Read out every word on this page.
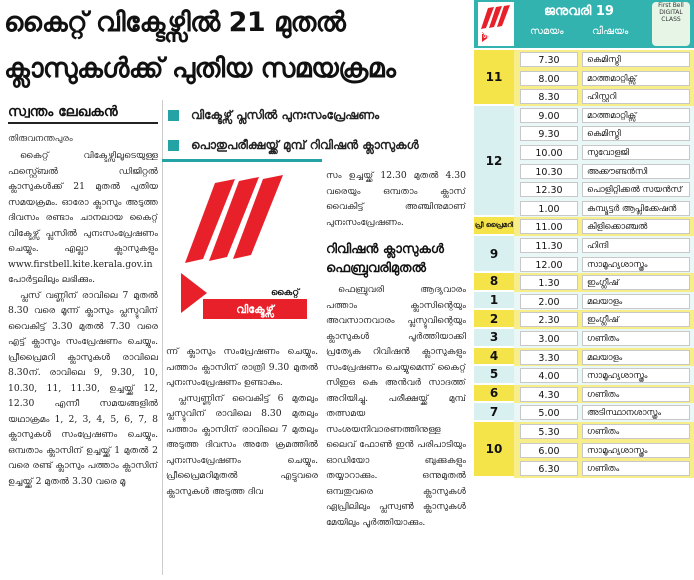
കൈറ്റ് വിക്ടേഴ്സിൽ 21 മുതൽ
ക്ലാസുകൾക്ക് പുതിയ സമയക്രമം
സ്വന്തം ലേഖകൻ
തിരുവനന്തപുരം
വിക്ടേഴ്സ് പ്ലസിൽ പുനഃസംപ്രേഷണം
പൊതുപരീക്ഷയ്ക്ക് മുമ്പ് റിവിഷൻ ക്ലാസുകൾ

കൈറ്റ് വിക്ടേഴ്സിലൂടെയുള്ള ഫസ്റ്റ്ബെൽ ഡിജിറ്റൽ ക്ലാസുകൾക്ക് 21 മുതൽ പുതിയ സമയക്രമം. ഓരോ ക്ലാസും അടുത്ത ദിവസം രണ്ടാം ചാനലായ കൈറ്റ് വിക്ടേഴ്സ് പ്ലസിൽ പുനഃസംപ്രേഷണം ചെയ്യും. എല്ലാ ക്ലാസുകളും www.firstbell.kite.kerala.gov.in പോർട്ടലിലും ലഭിക്കും.

പ്ലസ് വണ്ണിന് രാവിലെ 7 മുതൽ 8.30 വരെ മൂന്ന് ക്ലാസും പ്ലസ്ടുവിന് വൈകിട്ട് 3.30 മുതൽ 7.30 വരെ എട്ട് ക്ലാസും സംപ്രേഷണം ചെയ്യും. പ്രീപ്രൈമറി ക്ലാസുകൾ രാവിലെ 8.30ന്. രാവിലെ 9, 9.30, 10, 10.30, 11, 11.30, ഉച്ചയ്ക്ക് 12, 12.30 എന്നീ സമയങ്ങളിൽ യഥാക്രമം 1, 2, 3, 4, 5, 6, 7, 8 ക്ലാസുകൾ സംപ്രേഷണം ചെയ്യും. ഒമ്പതാം ക്ലാസിന് ഉച്ചയ്ക്ക് 1 മുതൽ 2 വരെ രണ്ട് ക്ലാസും പത്താം ക്ലാസിന് ഉച്ചയ്ക്ക് 2 മുതൽ 3.30 വരെ മൂ

കൈറ്റ്
വിക്ടേഴ്സ്

ന്ന് ക്ലാസും സംപ്രേഷണം ചെയ്യും. പത്താം ക്ലാസിന് രാത്രി 9.30 മുതൽ പുനഃസംപ്രേഷണം ഉണ്ടാകും.

പ്ലസ്വണ്ണിന് വൈകിട്ട് 6 മുതലും പ്ലസ്ടുവിന് രാവിലെ 8.30 മുതലും പത്താം ക്ലാസിന് രാവിലെ 7 മുതലും അടുത്ത ദിവസം അതേ ക്രമത്തിൽ പുനഃസംപ്രേഷണം ചെയ്യും. പ്രീപ്രൈമറിമുതൽ എട്ടുവരെ ക്ലാസുകൾ അടുത്ത ദിവ

സം ഉച്ചയ്ക്ക് 12.30 മുതൽ 4.30 വരെയും ഒമ്പതാം ക്ലാസ് വൈകിട്ട് അഞ്ചിനുമാണ് പുനഃസംപ്രേഷണം.

റിവിഷൻ ക്ലാസുകൾ ഫെബ്രുവരിമുതൽ

ഫെബ്രുവരി ആദ്യവാരം പത്താം ക്ലാസിന്റെയും അവസാനവാരം പ്ലസ്ടുവിന്റെയും ക്ലാസുകൾ പൂർത്തിയാക്കി പ്രത്യേക റിവിഷൻ ക്ലാസുകളും സംപ്രേഷണം ചെയ്യുമെന്ന് കൈറ്റ് സിഇഒ കെ അൻവർ സാദത്ത് അറിയിച്ചു. പരീക്ഷയ്ക്ക് മുമ്പ് തത്സമയ സംശയനിവാരണത്തിനുള്ള ലൈവ് ഫോൺ ഇൻ പരിപാടിയും ഓഡിയോ ബുക്കുകളും തയ്യാറാക്കും. ഒന്നുമുതൽ ഒമ്പതുവരെ ക്ലാസുകൾ ഏപ്രിലിലും പ്ലസ്വൺ ക്ലാസുകൾ മേയിലും പൂർത്തിയാക്കും.

ജനുവരി 19
ക്ലാസ് സമയം	വിഷയം
First Bell DIGITAL CLASS
11
7.30	കെമിസ്ട്രി
8.00	മാത്തമാറ്റിക്സ്
8.30	ഹിസ്റ്ററി
12
9.00	മാത്തമാറ്റിക്സ്
9.30	കെമിസ്ട്രി
10.00	സുവോളജി
10.30	അക്കൗണ്ടൻസി
12.30	പൊളിറ്റിക്കൽ സയൻസ്
1.00	കമ്പ്യൂട്ടർ ആപ്ലിക്കേഷൻ
പ്രീ പ്രൈമറി	11.00	കിളിക്കൊഞ്ചൽ
9
11.30	ഹിന്ദി
12.00	സാമൂഹ്യശാസ്ത്രം
8	1.30	ഇംഗ്ലീഷ്
1	2.00	മലയാളം
2	2.30	ഇംഗ്ലീഷ്
3	3.00	ഗണിതം
4	3.30	മലയാളം
5	4.00	സാമൂഹ്യശാസ്ത്രം
6	4.30	ഗണിതം
7	5.00	അടിസ്ഥാനശാസ്ത്രം
10
5.30	ഗണിതം
6.00	സാമൂഹ്യശാസ്ത്രം
6.30	ഗണിതം
